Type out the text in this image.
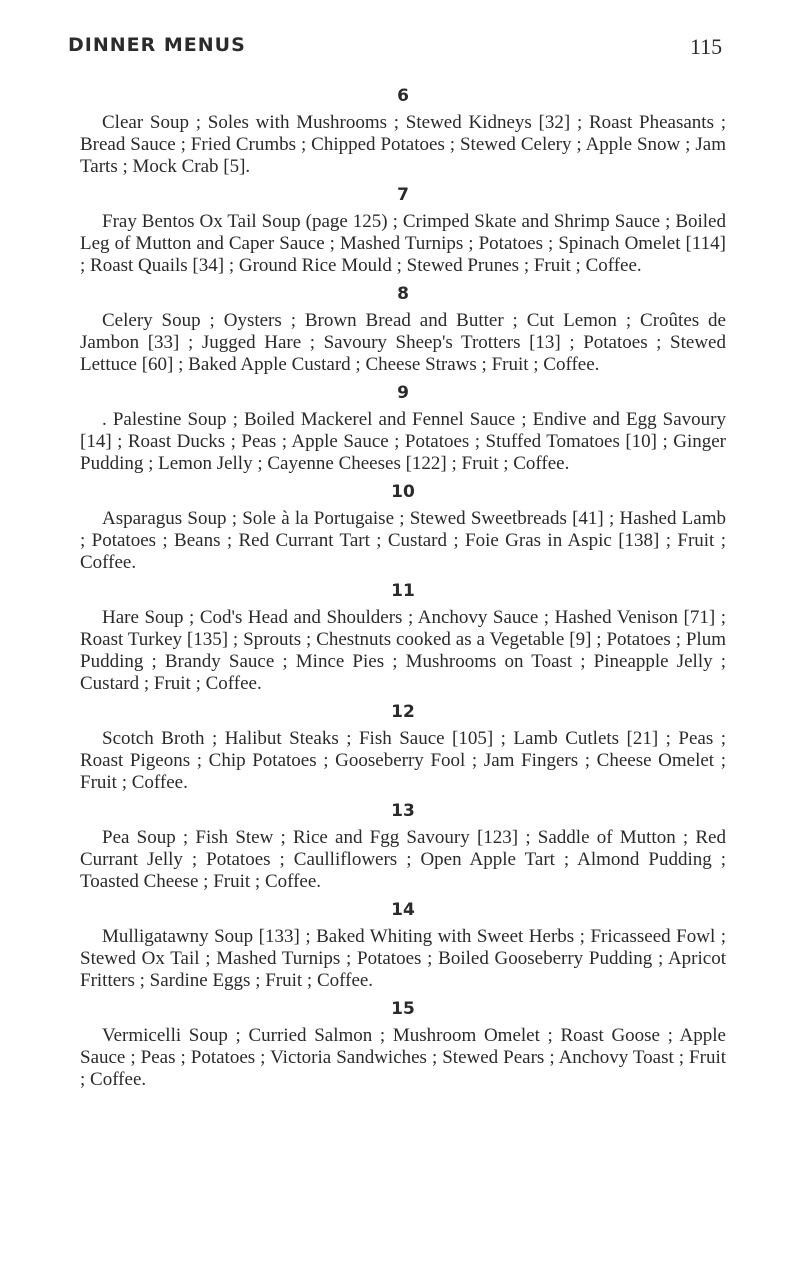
DINNER MENUS	115
6

Clear Soup ; Soles with Mushrooms ; Stewed Kidneys [32] ; Roast Pheasants ; Bread Sauce ; Fried Crumbs ; Chipped Potatoes ; Stewed Celery ; Apple Snow ; Jam Tarts ; Mock Crab [5].

7

Fray Bentos Ox Tail Soup (page 125) ; Crimped Skate and Shrimp Sauce ; Boiled Leg of Mutton and Caper Sauce ; Mashed Turnips ; Potatoes ; Spinach Omelet [114] ; Roast Quails [34] ; Ground Rice Mould ; Stewed Prunes ; Fruit ; Coffee.

8

Celery Soup ; Oysters ; Brown Bread and Butter ; Cut Lemon ; Croûtes de Jambon [33] ; Jugged Hare ; Savoury Sheep's Trotters [13] ; Potatoes ; Stewed Lettuce [60] ; Baked Apple Custard ; Cheese Straws ; Fruit ; Coffee.

9

. Palestine Soup ; Boiled Mackerel and Fennel Sauce ; Endive and Egg Savoury [14] ; Roast Ducks ; Peas ; Apple Sauce ; Potatoes ; Stuffed Tomatoes [10] ; Ginger Pudding ; Lemon Jelly ; Cayenne Cheeses [122] ; Fruit ; Coffee.

10

Asparagus Soup ; Sole à la Portugaise ; Stewed Sweetbreads [41] ; Hashed Lamb ; Potatoes ; Beans ; Red Currant Tart ; Custard ; Foie Gras in Aspic [138] ; Fruit ; Coffee.

11

Hare Soup ; Cod's Head and Shoulders ; Anchovy Sauce ; Hashed Venison [71] ; Roast Turkey [135] ; Sprouts ; Chestnuts cooked as a Vegetable [9] ; Potatoes ; Plum Pudding ; Brandy Sauce ; Mince Pies ; Mushrooms on Toast ; Pineapple Jelly ; Custard ; Fruit ; Coffee.

12

Scotch Broth ; Halibut Steaks ; Fish Sauce [105] ; Lamb Cutlets [21] ; Peas ; Roast Pigeons ; Chip Potatoes ; Gooseberry Fool ; Jam Fingers ; Cheese Omelet ; Fruit ; Coffee.

13

Pea Soup ; Fish Stew ; Rice and Fgg Savoury [123] ; Saddle of Mutton ; Red Currant Jelly ; Potatoes ; Caulliflowers ; Open Apple Tart ; Almond Pudding ; Toasted Cheese ; Fruit ; Coffee.

14

Mulligatawny Soup [133] ; Baked Whiting with Sweet Herbs ; Fricasseed Fowl ; Stewed Ox Tail ; Mashed Turnips ; Potatoes ; Boiled Gooseberry Pudding ; Apricot Fritters ; Sardine Eggs ; Fruit ; Coffee.

15

Vermicelli Soup ; Curried Salmon ; Mushroom Omelet ; Roast Goose ; Apple Sauce ; Peas ; Potatoes ; Victoria Sandwiches ; Stewed Pears ; Anchovy Toast ; Fruit ; Coffee.
